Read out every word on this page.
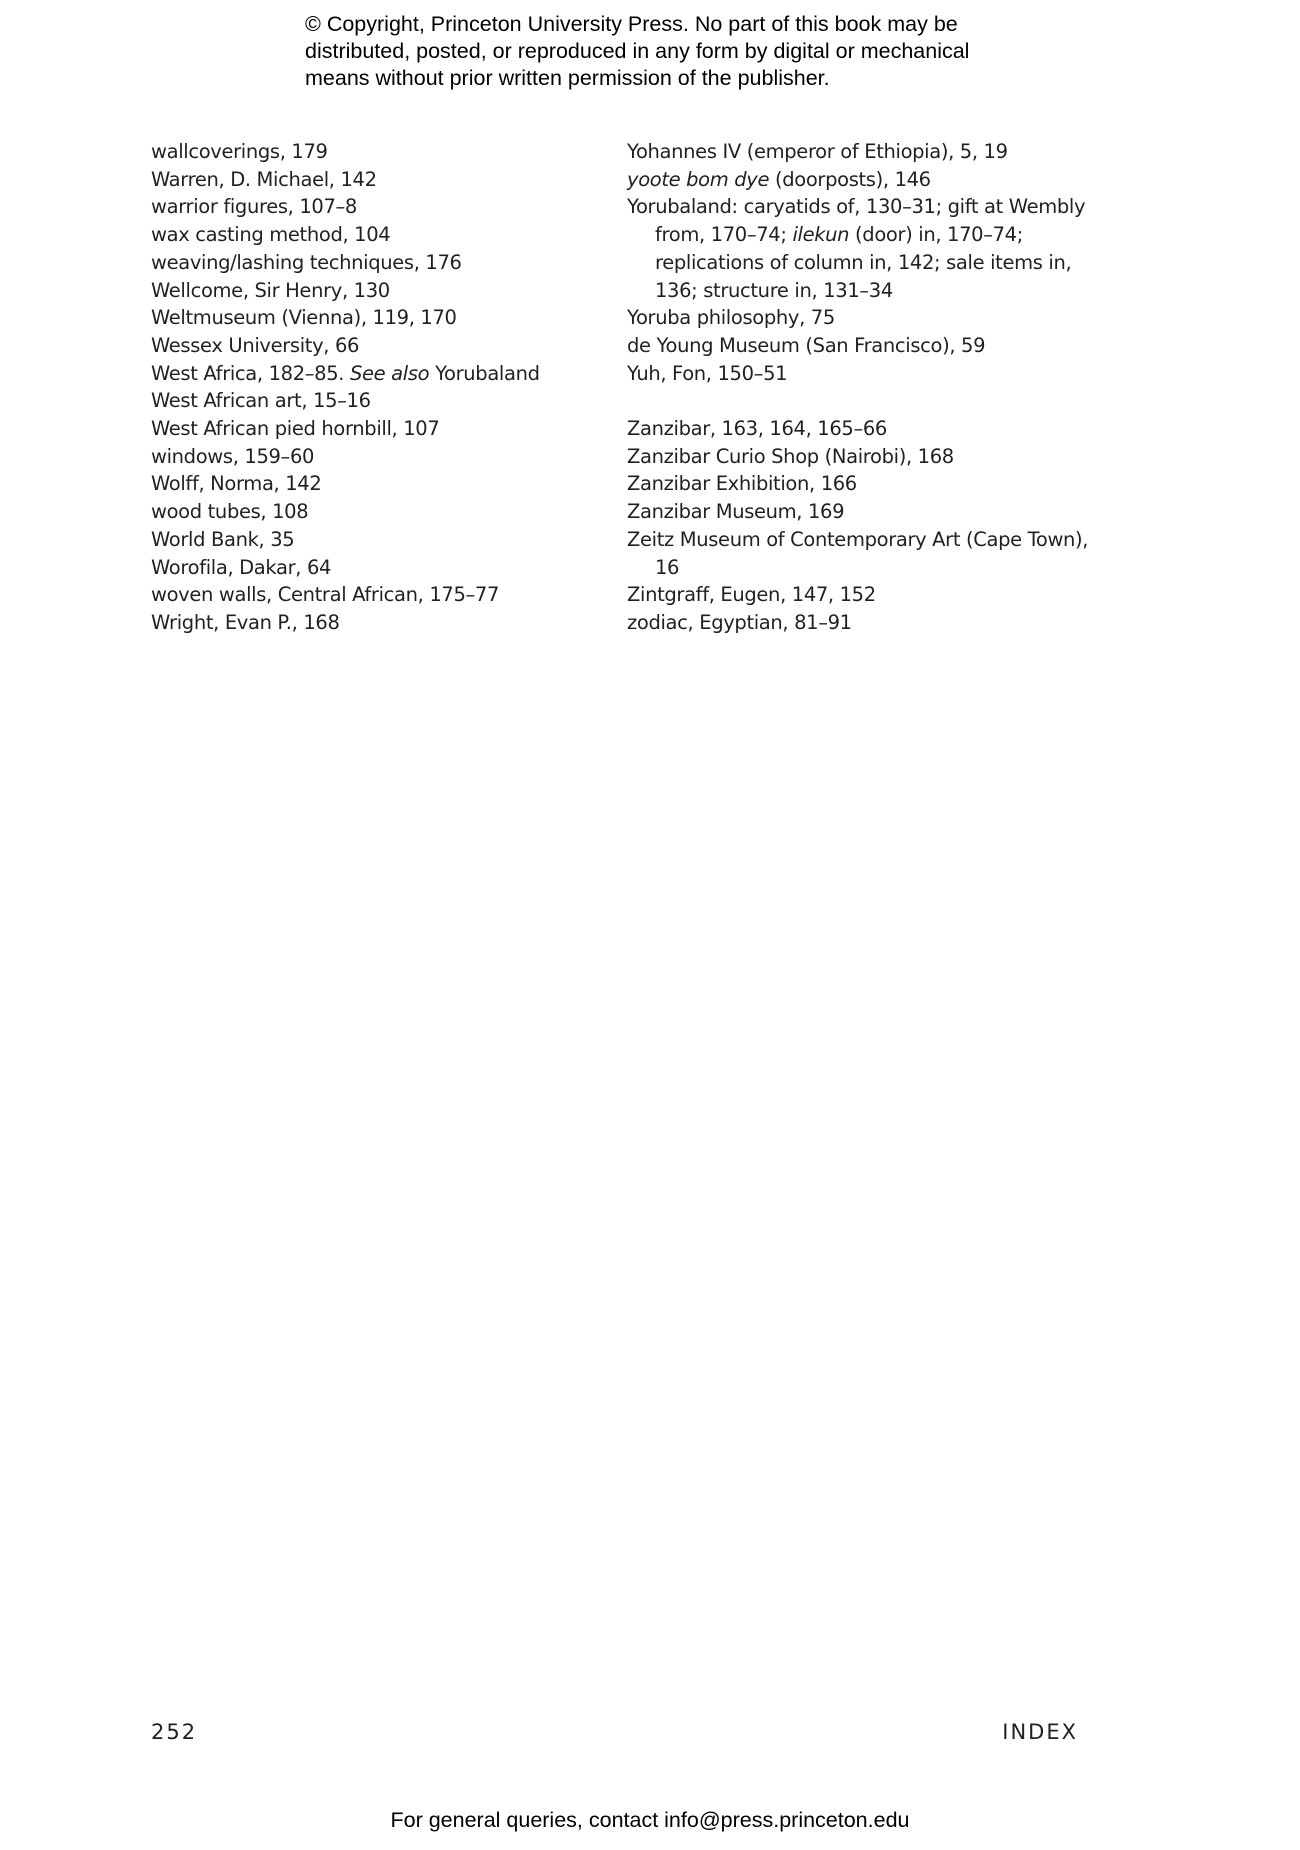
© Copyright, Princeton University Press. No part of this book may be
distributed, posted, or reproduced in any form by digital or mechanical
means without prior written permission of the publisher.
wallcoverings, 179
Warren, D. Michael, 142
warrior figures, 107–8
wax casting method, 104
weaving/lashing techniques, 176
Wellcome, Sir Henry, 130
Weltmuseum (Vienna), 119, 170
Wessex University, 66
West Africa, 182–85. See also Yorubaland
West African art, 15–16
West African pied hornbill, 107
windows, 159–60
Wolff, Norma, 142
wood tubes, 108
World Bank, 35
Worofila, Dakar, 64
woven walls, Central African, 175–77
Wright, Evan P., 168
Yohannes IV (emperor of Ethiopia), 5, 19
yoote bom dye (doorposts), 146
Yorubaland: caryatids of, 130–31; gift at Wembly
from, 170–74; ilekun (door) in, 170–74;
replications of column in, 142; sale items in,
136; structure in, 131–34
Yoruba philosophy, 75
de Young Museum (San Francisco), 59
Yuh, Fon, 150–51
Zanzibar, 163, 164, 165–66
Zanzibar Curio Shop (Nairobi), 168
Zanzibar Exhibition, 166
Zanzibar Museum, 169
Zeitz Museum of Contemporary Art (Cape Town),
16
Zintgraff, Eugen, 147, 152
zodiac, Egyptian, 81–91
252	INDEX
For general queries, contact info@press.princeton.edu
